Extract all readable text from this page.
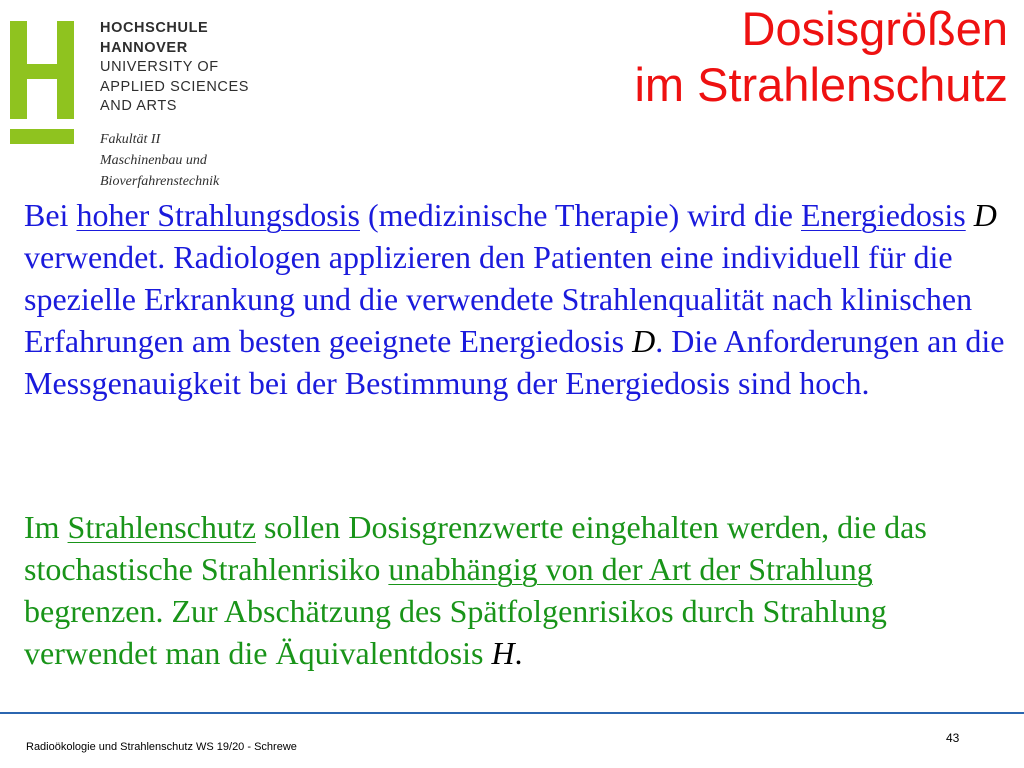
HOCHSCHULE
HANNOVER
UNIVERSITY OF
APPLIED SCIENCES
AND ARTS
Fakultät II
Maschinenbau und
Bioverfahrenstechnik
Dosisgrößen
im Strahlenschutz

Bei hoher Strahlungsdosis (medizinische Therapie) wird die Energiedosis D verwendet. Radiologen applizieren den Patienten eine individuell für die spezielle Erkrankung und die verwendete Strahlenqualität nach klinischen Erfahrungen am besten geeignete Energiedosis D. Die Anforderungen an die Messgenauigkeit bei der Bestimmung der Energiedosis sind hoch.

Im Strahlenschutz sollen Dosisgrenzwerte eingehalten werden, die das stochastische Strahlenrisiko unabhängig von der Art der Strahlung begrenzen. Zur Abschätzung des Spätfolgenrisikos durch Strahlung verwendet man die Äquivalentdosis H.

Radioökologie und Strahlenschutz WS 19/20 - Schrewe
43
